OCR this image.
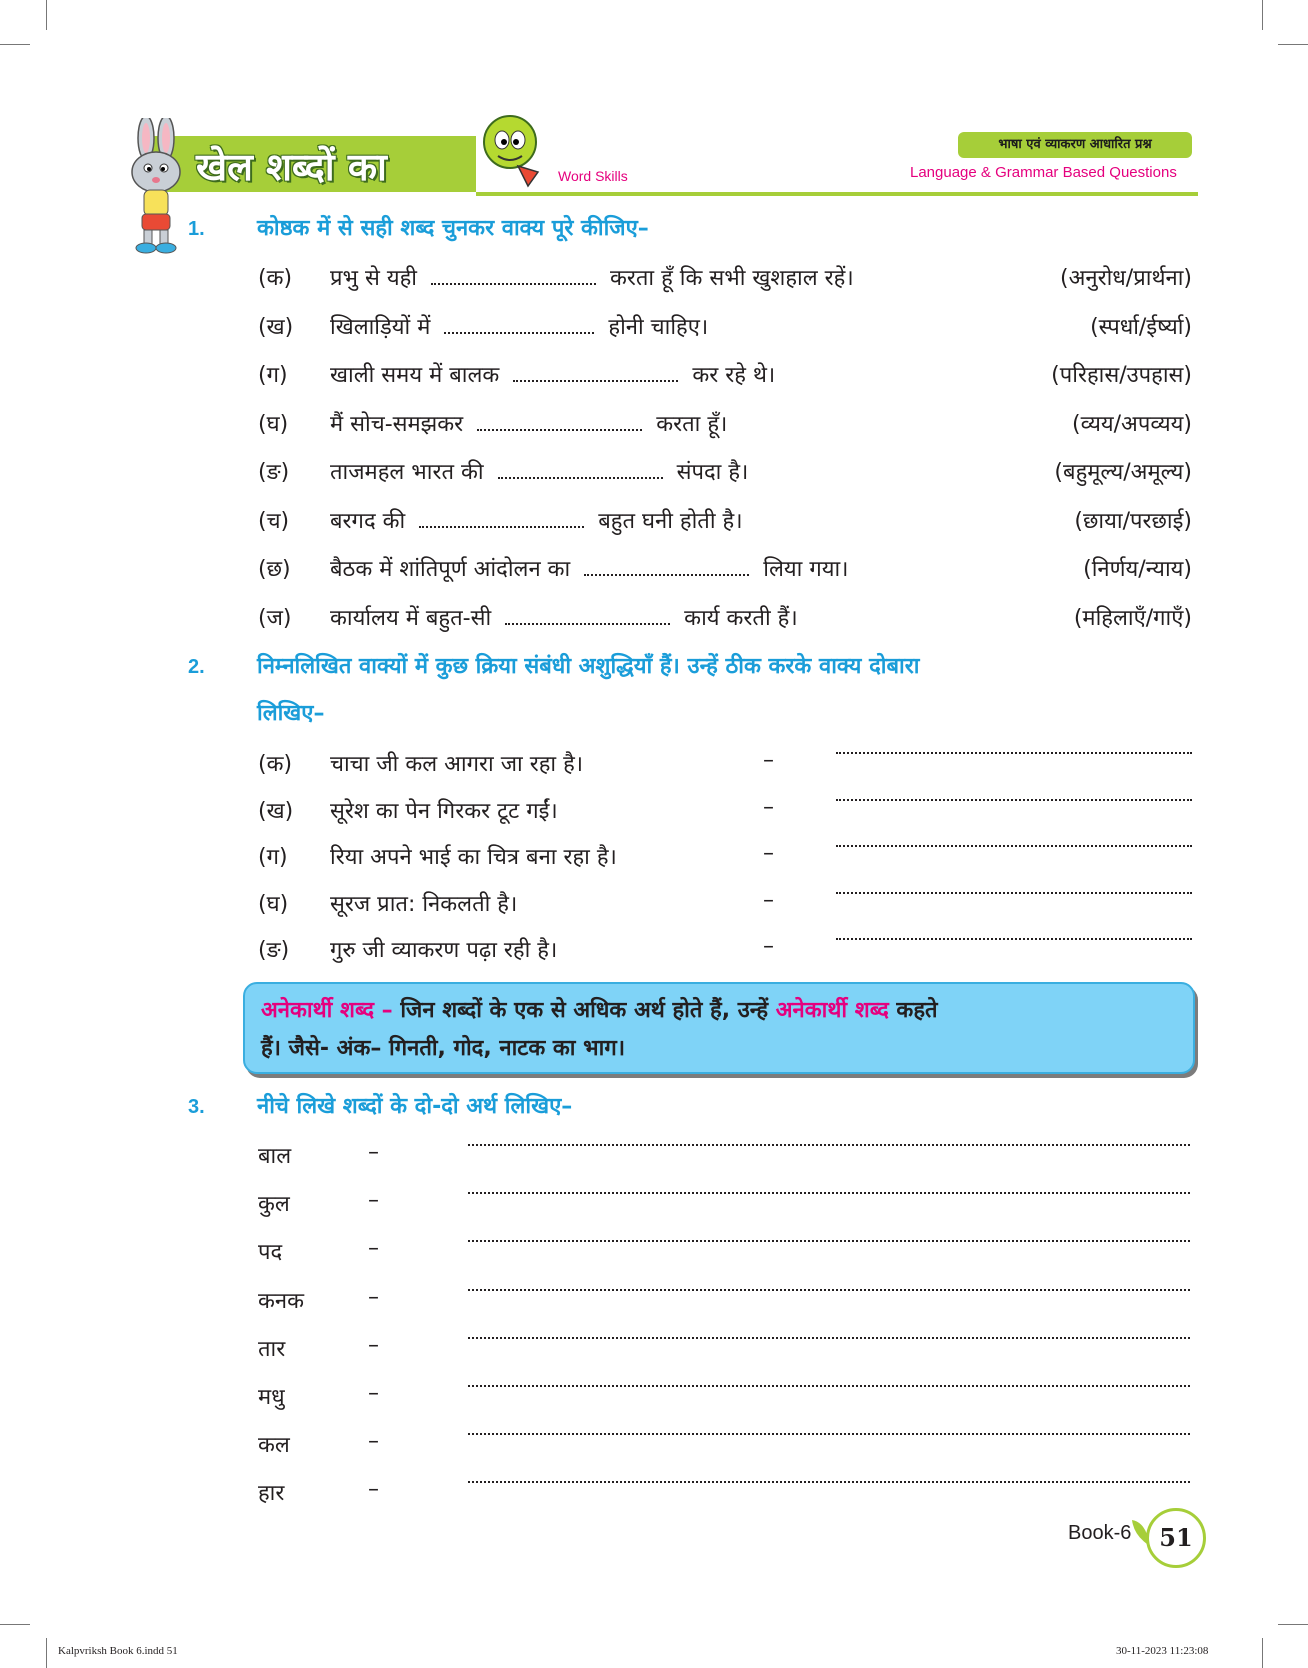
खेल शब्दों का	Word Skills
भाषा एवं व्याकरण आधारित प्रश्न
Language & Grammar Based Questions
1. कोष्ठक में से सही शब्द चुनकर वाक्य पूरे कीजिए–
(क) प्रभु से यही	करता हूँ कि सभी खुशहाल रहें।	(अनुरोध/प्रार्थना)
(ख) खिलाड़ियों में	होनी चाहिए।	(स्पर्धा/ईर्ष्या)
(ग) खाली समय में बालक	कर रहे थे।	(परिहास/उपहास)
(घ) मैं सोच-समझकर	करता हूँ।	(व्यय/अपव्यय)
(ङ) ताजमहल भारत की	संपदा है।	(बहुमूल्य/अमूल्य)
(च) बरगद की	बहुत घनी होती है।	(छाया/परछाई)
(छ) बैठक में शांतिपूर्ण आंदोलन का	लिया गया।	(निर्णय/न्याय)
(ज) कार्यालय में बहुत-सी	कार्य करती हैं।	(महिलाएँ/गाएँ)
2. निम्नलिखित वाक्यों में कुछ क्रिया संबंधी अशुद्धियाँ हैं। उन्हें ठीक करके वाक्य दोबारा
लिखिए–
(क) चाचा जी कल आगरा जा रहा है।	–
(ख) सूरेश का पेन गिरकर टूट गईं।	–
(ग) रिया अपने भाई का चित्र बना रहा है।	–
(घ) सूरज प्रात: निकलती है।	–
(ङ) गुरु जी व्याकरण पढ़ा रही है।	–
अनेकार्थी शब्द – जिन शब्दों के एक से अधिक अर्थ होते हैं, उन्हें अनेकार्थी शब्द कहते
हैं। जैसे- अंक– गिनती, गोद, नाटक का भाग।
3. नीचे लिखे शब्दों के दो-दो अर्थ लिखिए–
बाल	–
कुल	–
पद	–
कनक	–
तार	–
मधु	–
कल	–
हार	–
Book-6	51
Kalpvriksh Book 6.indd 51	30-11-2023 11:23:08
